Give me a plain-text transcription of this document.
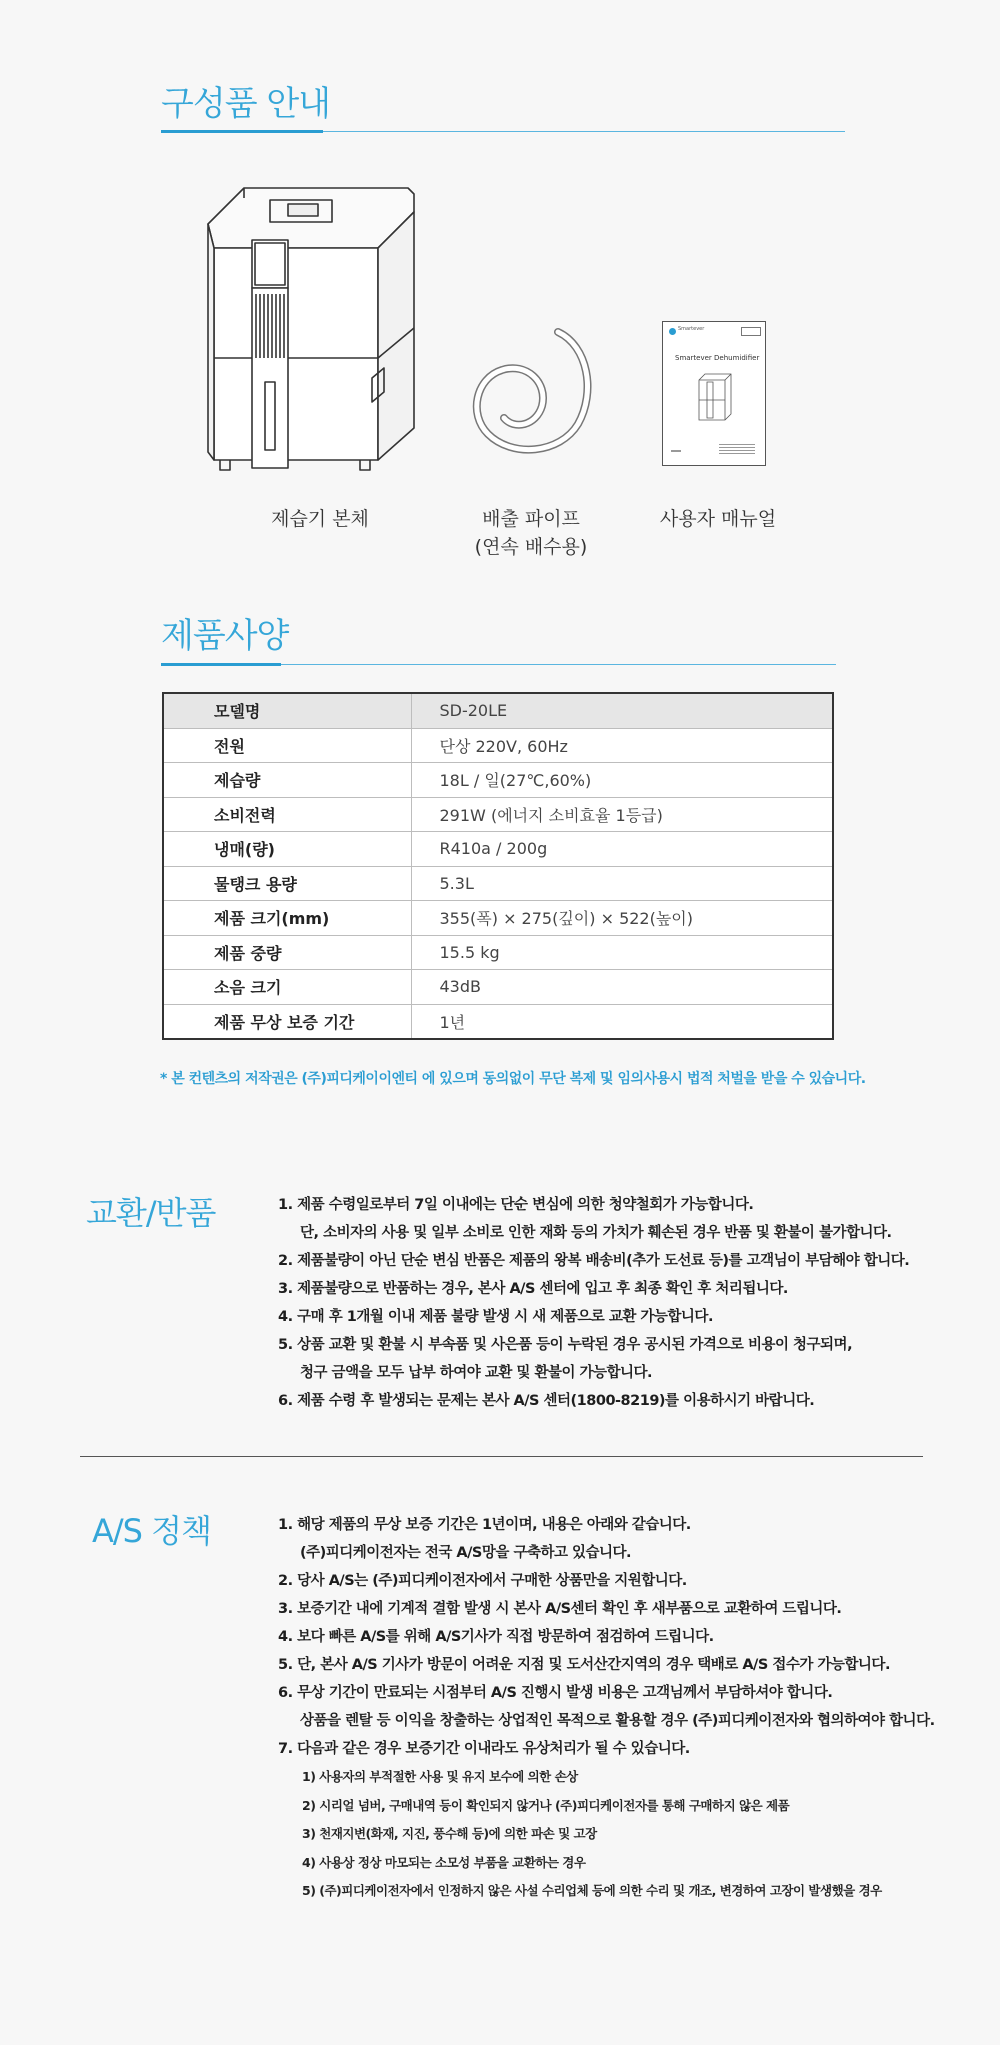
구성품 안내
Smartever
Smartever Dehumidifier
제습기 본체	배출 파이프
(연속 배수용)
사용자 매뉴얼
제품사양
모델명	SD-20LE
전원	단상 220V, 60Hz
제습량	18L / 일(27℃,60%)
소비전력	291W (에너지 소비효율 1등급)
냉매(량)	R410a / 200g
물탱크 용량	5.3L
제품 크기(mm)	355(폭) × 275(깊이) × 522(높이)
제품 중량	15.5 kg
소음 크기	43dB
제품 무상 보증 기간	1년
* 본 컨텐츠의 저작권은 (주)피디케이이엔티 에 있으며 동의없이 무단 복제 및 임의사용시 법적 처벌을 받을 수 있습니다.
교환/반품	1. 제품 수령일로부터 7일 이내에는 단순 변심에 의한 청약철회가 가능합니다.
단, 소비자의 사용 및 일부 소비로 인한 재화 등의 가치가 훼손된 경우 반품 및 환불이 불가합니다.
2. 제품불량이 아닌 단순 변심 반품은 제품의 왕복 배송비(추가 도선료 등)를 고객님이 부담해야 합니다.
3. 제품불량으로 반품하는 경우, 본사 A/S 센터에 입고 후 최종 확인 후 처리됩니다.
4. 구매 후 1개월 이내 제품 불량 발생 시 새 제품으로 교환 가능합니다.
5. 상품 교환 및 환불 시 부속품 및 사은품 등이 누락된 경우 공시된 가격으로 비용이 청구되며,
청구 금액을 모두 납부 하여야 교환 및 환불이 가능합니다.
6. 제품 수령 후 발생되는 문제는 본사 A/S 센터(1800-8219)를 이용하시기 바랍니다.
A/S 정책	1. 해당 제품의 무상 보증 기간은 1년이며, 내용은 아래와 같습니다.
(주)피디케이전자는 전국 A/S망을 구축하고 있습니다.
2. 당사 A/S는 (주)피디케이전자에서 구매한 상품만을 지원합니다.
3. 보증기간 내에 기계적 결함 발생 시 본사 A/S센터 확인 후 새부품으로 교환하여 드립니다.
4. 보다 빠른 A/S를 위해 A/S기사가 직접 방문하여 점검하여 드립니다.
5. 단, 본사 A/S 기사가 방문이 어려운 지점 및 도서산간지역의 경우 택배로 A/S 접수가 가능합니다.
6. 무상 기간이 만료되는 시점부터 A/S 진행시 발생 비용은 고객님께서 부담하셔야 합니다.
상품을 렌탈 등 이익을 창출하는 상업적인 목적으로 활용할 경우 (주)피디케이전자와 협의하여야 합니다.
7. 다음과 같은 경우 보증기간 이내라도 유상처리가 될 수 있습니다.
1) 사용자의 부적절한 사용 및 유지 보수에 의한 손상
2) 시리얼 넘버, 구매내역 등이 확인되지 않거나 (주)피디케이전자를 통해 구매하지 않은 제품
3) 천재지변(화재, 지진, 풍수해 등)에 의한 파손 및 고장
4) 사용상 정상 마모되는 소모성 부품을 교환하는 경우
5) (주)피디케이전자에서 인정하지 않은 사설 수리업체 등에 의한 수리 및 개조, 변경하여 고장이 발생했을 경우
